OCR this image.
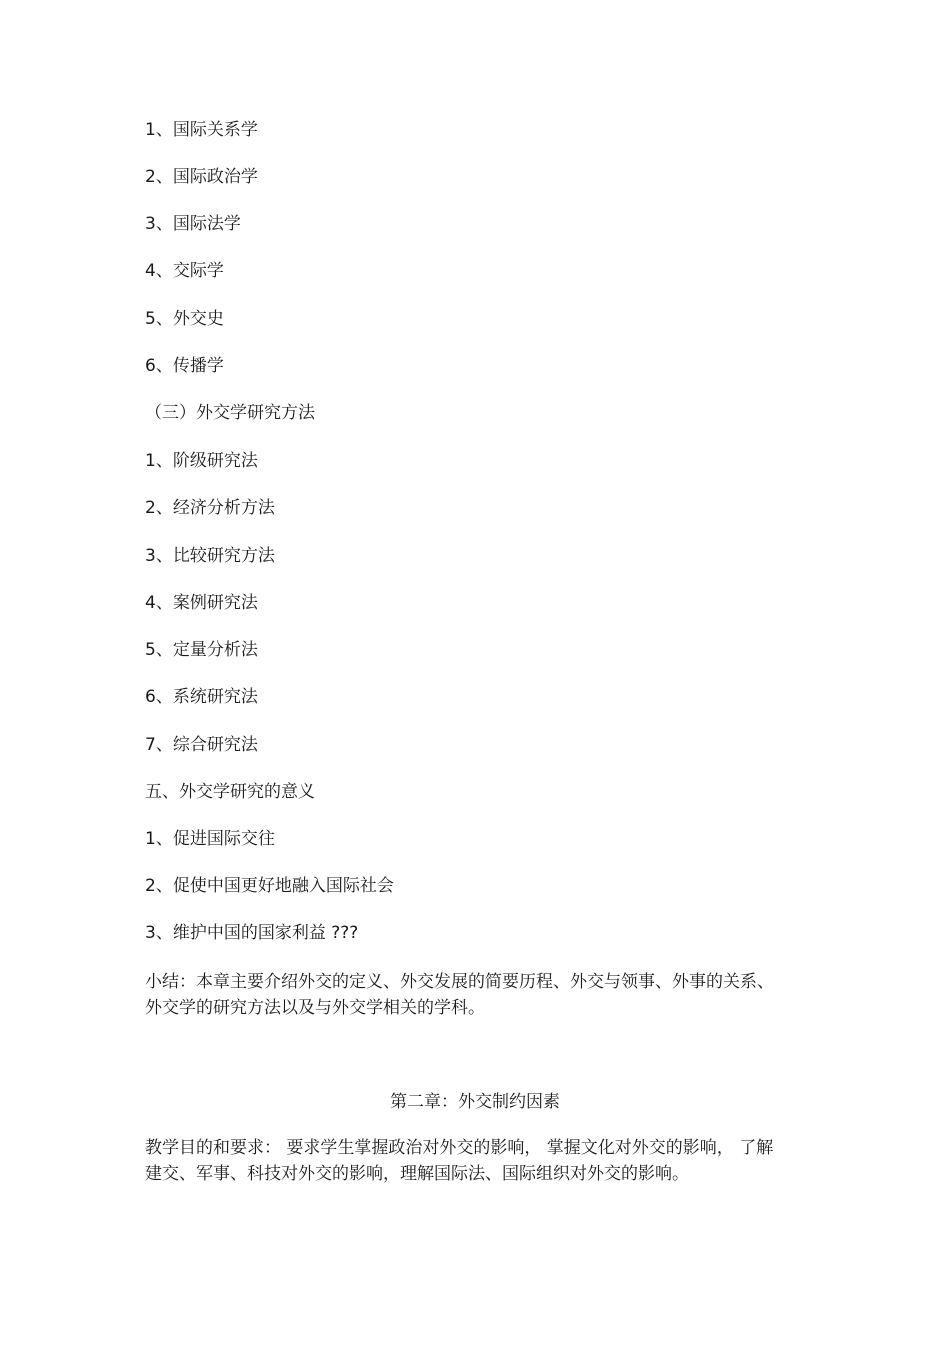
1、国际关系学
2、国际政治学
3、国际法学
4、交际学
5、外交史
6、传播学
（三）外交学研究方法
1、阶级研究法
2、经济分析方法
3、比较研究方法
4、案例研究法
5、定量分析法
6、系统研究法
7、综合研究法
五、外交学研究的意义
1、促进国际交往
2、促使中国更好地融入国际社会
3、维护中国的国家利益 ???
小结：本章主要介绍外交的定义、外交发展的简要历程、外交与领事、外事的关系、外交学的研究方法以及与外交学相关的学科。
第二章：外交制约因素
教学目的和要求： 要求学生掌握政治对外交的影响， 掌握文化对外交的影响， 了解建交、军事、科技对外交的影响，理解国际法、国际组织对外交的影响。
